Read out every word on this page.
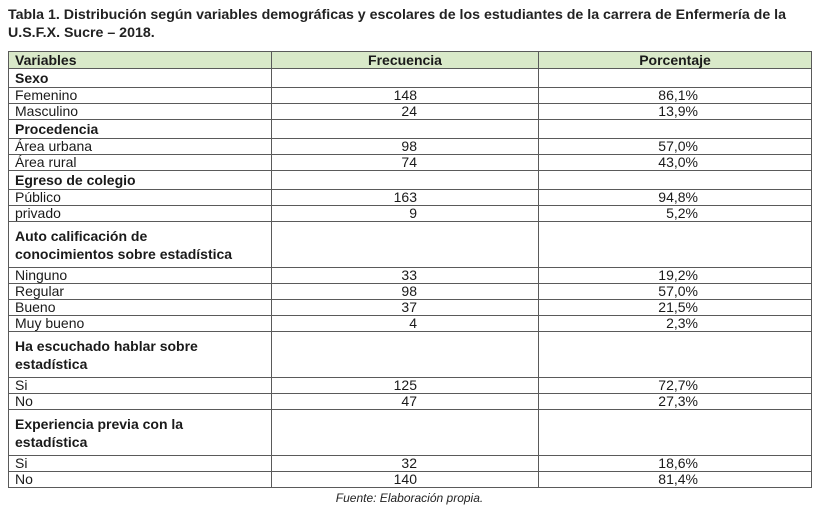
Tabla 1. Distribución según variables demográficas y escolares de los estudiantes de la carrera de Enfermería de la U.S.F.X. Sucre – 2018.
Variables	Frecuencia	Porcentaje
Sexo		
Femenino	148	86,1%
Masculino	24	13,9%
Procedencia		
Área urbana	98	57,0%
Área rural	74	43,0%
Egreso de colegio		
Público	163	94,8%
privado	9	5,2%
Auto calificación de
conocimientos sobre estadística		
Ninguno	33	19,2%
Regular	98	57,0%
Bueno	37	21,5%
Muy bueno	4	2,3%
Ha escuchado hablar sobre
estadística		
Si	125	72,7%
No	47	27,3%
Experiencia previa con la
estadística		
Si	32	18,6%
No	140	81,4%
Fuente: Elaboración propia.
